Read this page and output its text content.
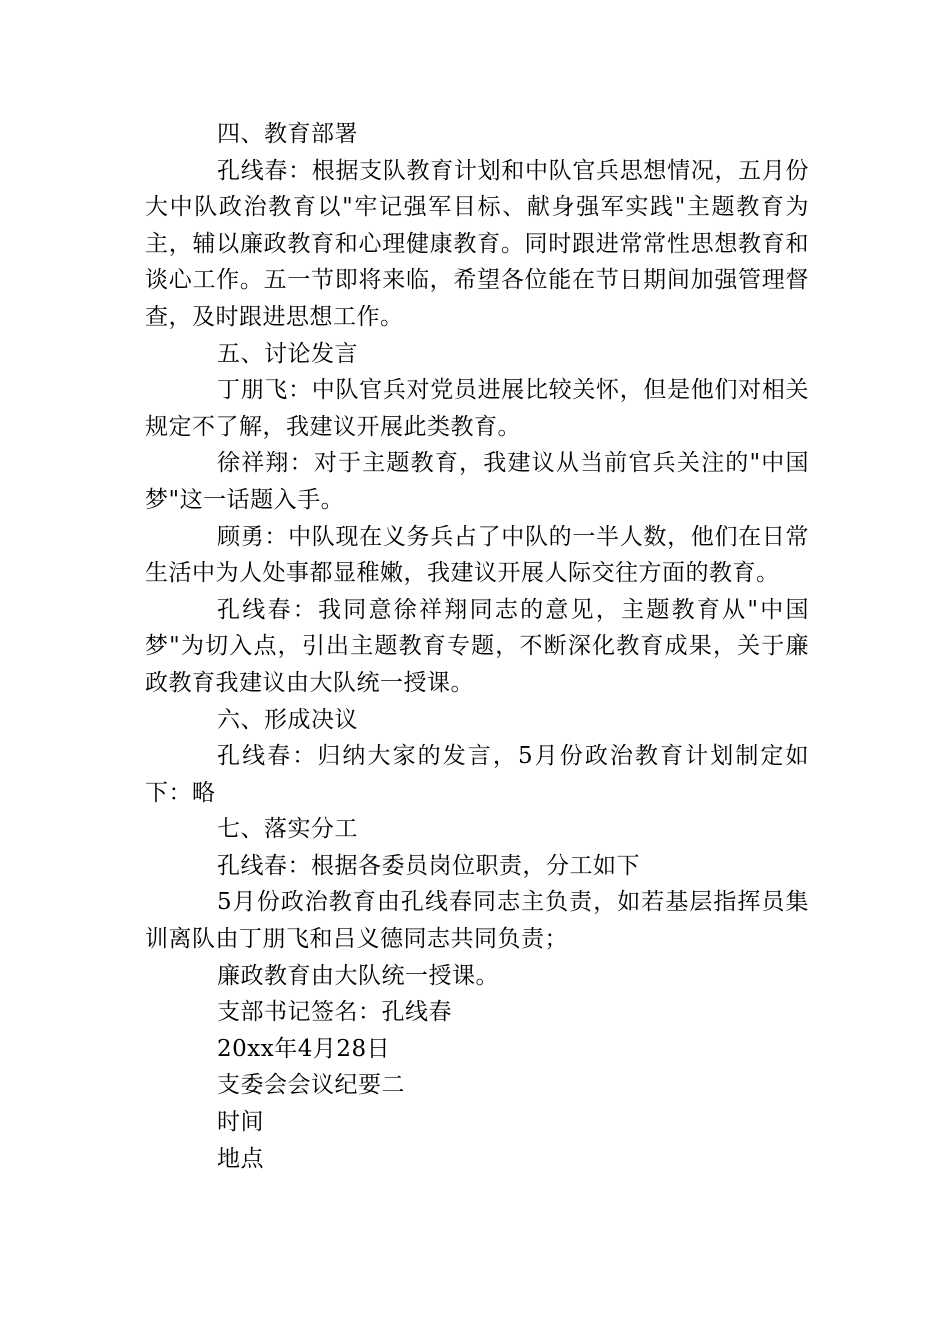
四、教育部署

孔线春：根据支队教育计划和中队官兵思想情况，五月份大中队政治教育以"牢记强军目标、献身强军实践"主题教育为主，辅以廉政教育和心理健康教育。同时跟进常常性思想教育和谈心工作。五一节即将来临，希望各位能在节日期间加强管理督查，及时跟进思想工作。

五、讨论发言

丁朋飞：中队官兵对党员进展比较关怀，但是他们对相关规定不了解，我建议开展此类教育。

徐祥翔：对于主题教育，我建议从当前官兵关注的"中国梦"这一话题入手。

顾勇：中队现在义务兵占了中队的一半人数，他们在日常生活中为人处事都显稚嫩，我建议开展人际交往方面的教育。

孔线春：我同意徐祥翔同志的意见，主题教育从"中国梦"为切入点，引出主题教育专题，不断深化教育成果，关于廉政教育我建议由大队统一授课。

六、形成决议

孔线春：归纳大家的发言，5月份政治教育计划制定如下：略

七、落实分工

孔线春：根据各委员岗位职责，分工如下

5月份政治教育由孔线春同志主负责，如若基层指挥员集训离队由丁朋飞和吕义德同志共同负责；

廉政教育由大队统一授课。

支部书记签名：孔线春

20xx年4月28日

支委会会议纪要二

时间

地点
